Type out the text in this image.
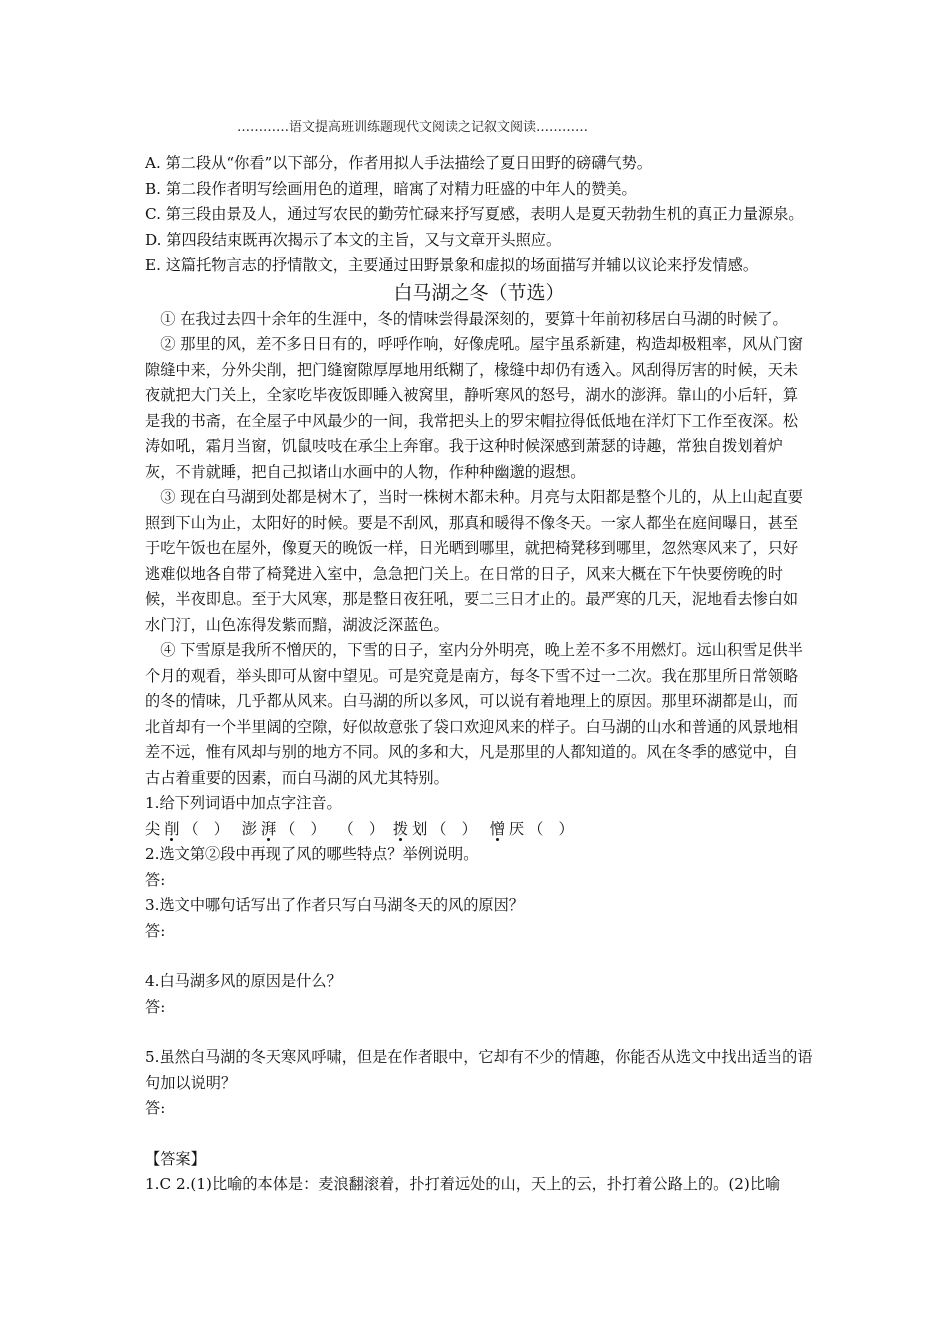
…………语文提高班训练题现代文阅读之记叙文阅读…………

A. 第二段从“你看”以下部分，作者用拟人手法描绘了夏日田野的磅礴气势。

B. 第二段作者明写绘画用色的道理，暗寓了对精力旺盛的中年人的赞美。

C. 第三段由景及人，通过写农民的勤劳忙碌来抒写夏感，表明人是夏天勃勃生机的真正力量源泉。

D. 第四段结束既再次揭示了本文的主旨，又与文章开头照应。

E. 这篇托物言志的抒情散文，主要通过田野景象和虚拟的场面描写并辅以议论来抒发情感。

白马湖之冬（节选）

① 在我过去四十余年的生涯中，冬的情味尝得最深刻的，要算十年前初移居白马湖的时候了。

② 那里的风，差不多日日有的，呼呼作响，好像虎吼。屋宇虽系新建，构造却极粗率，风从门窗隙缝中来，分外尖削，把门缝窗隙厚厚地用纸糊了，椽缝中却仍有透入。风刮得厉害的时候，天未夜就把大门关上，全家吃毕夜饭即睡入被窝里，静听寒风的怒号，湖水的澎湃。靠山的小后轩，算是我的书斋，在全屋子中风最少的一间，我常把头上的罗宋帽拉得低低地在洋灯下工作至夜深。松涛如吼，霜月当窗，饥鼠吱吱在承尘上奔窜。我于这种时候深感到萧瑟的诗趣，常独自拨划着炉灰，不肯就睡，把自己拟诸山水画中的人物，作种种幽邈的遐想。

③ 现在白马湖到处都是树木了，当时一株树木都未种。月亮与太阳都是整个儿的，从上山起直要照到下山为止，太阳好的时候。要是不刮风，那真和暖得不像冬天。一家人都坐在庭间曝日，甚至于吃午饭也在屋外，像夏天的晚饭一样，日光晒到哪里，就把椅凳移到哪里，忽然寒风来了，只好逃难似地各自带了椅凳进入室中，急急把门关上。在日常的日子，风来大概在下午快要傍晚的时候，半夜即息。至于大风寒，那是整日夜狂吼，要二三日才止的。最严寒的几天，泥地看去惨白如水门汀，山色冻得发紫而黯，湖波泛深蓝色。

④ 下雪原是我所不憎厌的，下雪的日子，室内分外明亮，晚上差不多不用燃灯。远山积雪足供半个月的观看，举头即可从窗中望见。可是究竟是南方，每冬下雪不过一二次。我在那里所日常领略的冬的情味，几乎都从风来。白马湖的所以多风，可以说有着地理上的原因。那里环湖都是山，而北首却有一个半里阔的空隙，好似故意张了袋口欢迎风来的样子。白马湖的山水和普通的风景地相差不远，惟有风却与别的地方不同。风的多和大，凡是那里的人都知道的。风在冬季的感觉中，自古占着重要的因素，而白马湖的风尤其特别。

1.给下列词语中加点字注音。

尖 削 （　） 澎 湃 （　） （　） 拨 划 （　） 憎 厌 （　）

2.选文第②段中再现了风的哪些特点？举例说明。

答:

3.选文中哪句话写出了作者只写白马湖冬天的风的原因？

答:

4.白马湖多风的原因是什么？

答:

5.虽然白马湖的冬天寒风呼啸，但是在作者眼中，它却有不少的情趣，你能否从选文中找出适当的语句加以说明？

答:

【答案】

1.C 2.(1)比喻的本体是：麦浪翻滚着，扑打着远处的山，天上的云，扑打着公路上的。(2)比喻
